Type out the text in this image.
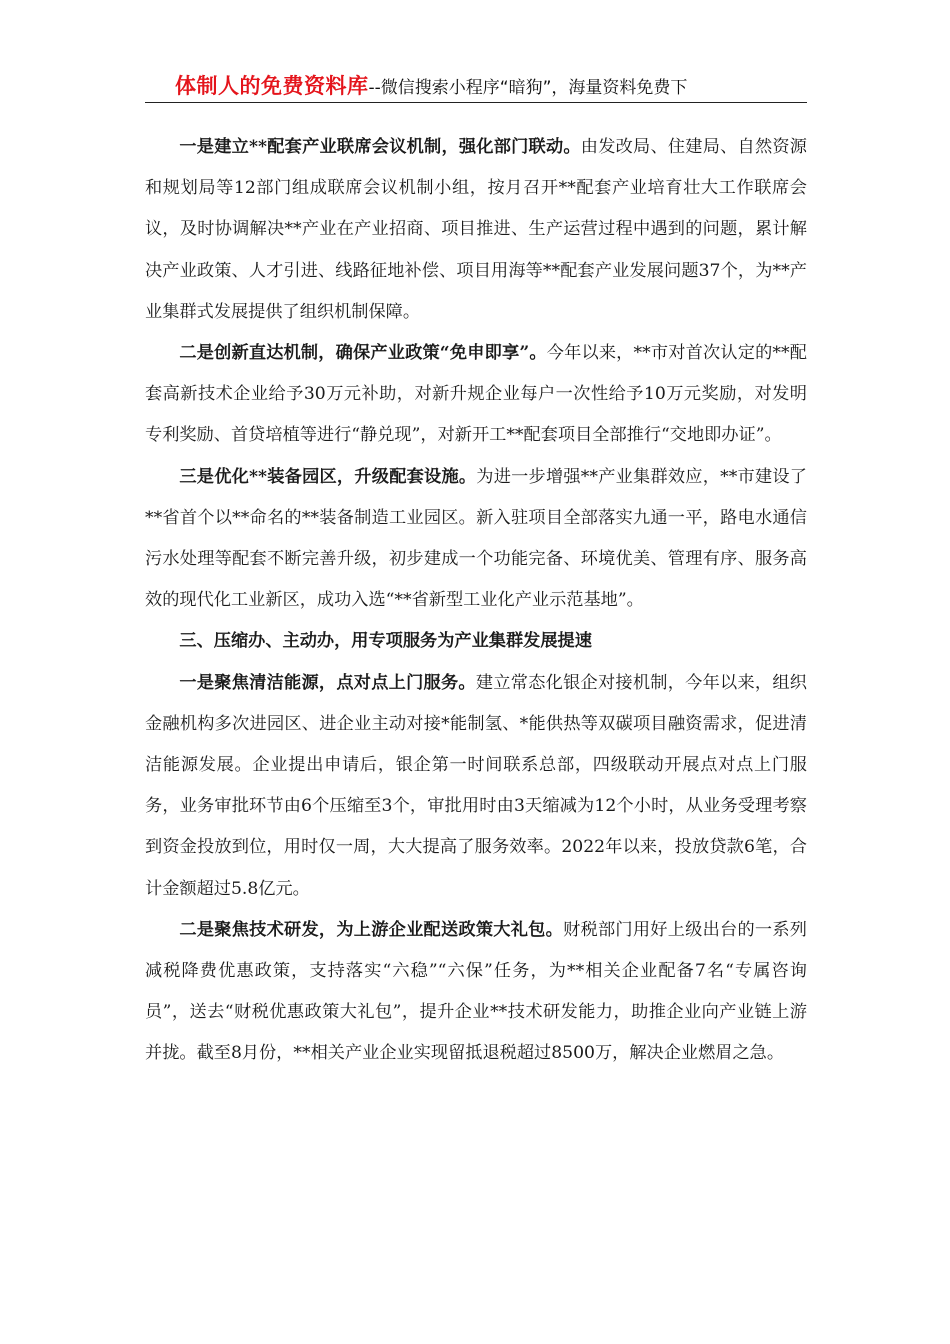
体制人的免费资料库--微信搜索小程序“暗狗”，海量资料免费下

一是建立**配套产业联席会议机制，强化部门联动。由发改局、住建局、自然资源和规划局等12部门组成联席会议机制小组，按月召开**配套产业培育壮大工作联席会议，及时协调解决**产业在产业招商、项目推进、生产运营过程中遇到的问题，累计解决产业政策、人才引进、线路征地补偿、项目用海等**配套产业发展问题37个，为**产业集群式发展提供了组织机制保障。

二是创新直达机制，确保产业政策“免申即享”。今年以来，**市对首次认定的**配套高新技术企业给予30万元补助，对新升规企业每户一次性给予10万元奖励，对发明专利奖励、首贷培植等进行“静兑现”，对新开工**配套项目全部推行“交地即办证”。

三是优化**装备园区，升级配套设施。为进一步增强**产业集群效应，**市建设了**省首个以**命名的**装备制造工业园区。新入驻项目全部落实九通一平，路电水通信污水处理等配套不断完善升级，初步建成一个功能完备、环境优美、管理有序、服务高效的现代化工业新区，成功入选“**省新型工业化产业示范基地”。

三、压缩办、主动办，用专项服务为产业集群发展提速

一是聚焦清洁能源，点对点上门服务。建立常态化银企对接机制，今年以来，组织金融机构多次进园区、进企业主动对接*能制氢、*能供热等双碳项目融资需求，促进清洁能源发展。企业提出申请后，银企第一时间联系总部，四级联动开展点对点上门服务，业务审批环节由6个压缩至3个，审批用时由3天缩减为12个小时，从业务受理考察到资金投放到位，用时仅一周，大大提高了服务效率。2022年以来，投放贷款6笔，合计金额超过5.8亿元。

二是聚焦技术研发，为上游企业配送政策大礼包。财税部门用好上级出台的一系列减税降费优惠政策，支持落实“六稳”“六保”任务，为**相关企业配备7名“专属咨询员”，送去“财税优惠政策大礼包”，提升企业**技术研发能力，助推企业向产业链上游并拢。截至8月份，**相关产业企业实现留抵退税超过8500万，解决企业燃眉之急。
